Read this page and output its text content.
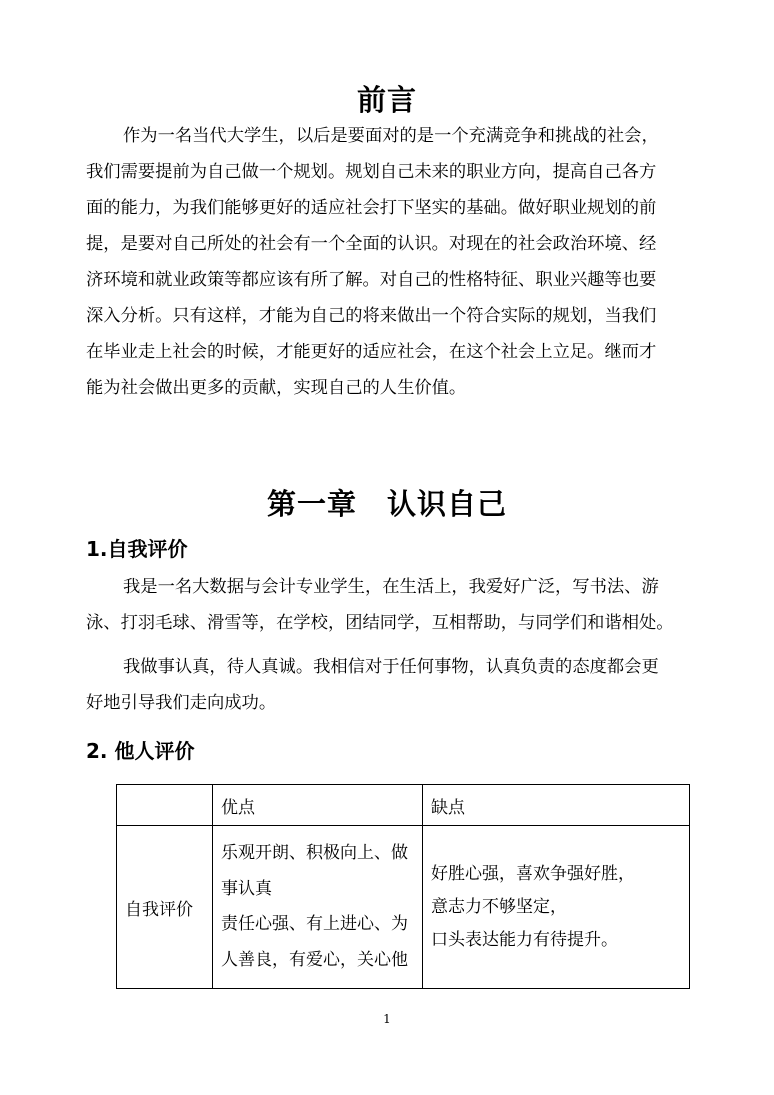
前言
作为一名当代大学生，以后是要面对的是一个充满竞争和挑战的社会，
我们需要提前为自己做一个规划。规划自己未来的职业方向，提高自己各方
面的能力，为我们能够更好的适应社会打下坚实的基础。做好职业规划的前
提，是要对自己所处的社会有一个全面的认识。对现在的社会政治环境、经
济环境和就业政策等都应该有所了解。对自己的性格特征、职业兴趣等也要
深入分析。只有这样，才能为自己的将来做出一个符合实际的规划，当我们
在毕业走上社会的时候，才能更好的适应社会，在这个社会上立足。继而才
能为社会做出更多的贡献，实现自己的人生价值。
第一章　认识自己
1.自我评价
我是一名大数据与会计专业学生，在生活上，我爱好广泛，写书法、游
泳、打羽毛球、滑雪等，在学校，团结同学，互相帮助，与同学们和谐相处。
我做事认真，待人真诚。我相信对于任何事物，认真负责的态度都会更
好地引导我们走向成功。
2. 他人评价
	优点	缺点
自我评价	乐观开朗、积极向上、做
事认真
责任心强、有上进心、为
人善良，有爱心，关心他	好胜心强，喜欢争强好胜，
意志力不够坚定，
口头表达能力有待提升。
1
